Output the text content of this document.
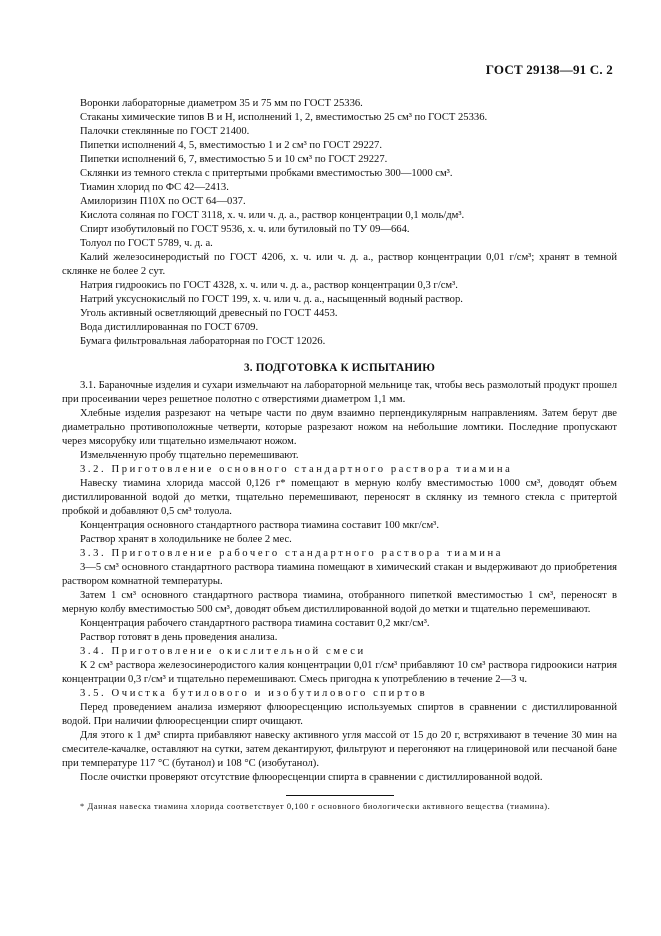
ГОСТ 29138—91 С. 2

Воронки лабораторные диаметром 35 и 75 мм по ГОСТ 25336.

Стаканы химические типов В и Н, исполнений 1, 2, вместимостью 25 см³ по ГОСТ 25336.

Палочки стеклянные по ГОСТ 21400.

Пипетки исполнений 4, 5, вместимостью 1 и 2 см³ по ГОСТ 29227.

Пипетки исполнений 6, 7, вместимостью 5 и 10 см³ по ГОСТ 29227.

Склянки из темного стекла с притертыми пробками вместимостью 300—1000 см³.

Тиамин хлорид по ФС 42—2413.

Амилоризин П10Х по ОСТ 64—037.

Кислота соляная по ГОСТ 3118, х. ч. или ч. д. а., раствор концентрации 0,1 моль/дм³.

Спирт изобутиловый по ГОСТ 9536, х. ч. или бутиловый по ТУ 09—664.

Толуол по ГОСТ 5789, ч. д. а.

Калий железосинеродистый по ГОСТ 4206, х. ч. или ч. д. а., раствор концентрации 0,01 г/см³; хранят в темной склянке не более 2 сут.

Натрия гидроокись по ГОСТ 4328, х. ч. или ч. д. а., раствор концентрации 0,3 г/см³.

Натрий уксуснокислый по ГОСТ 199, х. ч. или ч. д. а., насыщенный водный раствор.

Уголь активный осветляющий древесный по ГОСТ 4453.

Вода дистиллированная по ГОСТ 6709.

Бумага фильтровальная лабораторная по ГОСТ 12026.

3. ПОДГОТОВКА К ИСПЫТАНИЮ

3.1. Бараночные изделия и сухари измельчают на лабораторной мельнице так, чтобы весь размолотый продукт прошел при просеивании через решетное полотно с отверстиями диаметром 1,1 мм.

Хлебные изделия разрезают на четыре части по двум взаимно перпендикулярным направлениям. Затем берут две диаметрально противоположные четверти, которые разрезают ножом на небольшие ломтики. Последние пропускают через мясорубку или тщательно измельчают ножом.

Измельченную пробу тщательно перемешивают.

3.2. Приготовление основного стандартного раствора тиамина

Навеску тиамина хлорида массой 0,126 г* помещают в мерную колбу вместимостью 1000 см³, доводят объем дистиллированной водой до метки, тщательно перемешивают, переносят в склянку из темного стекла с притертой пробкой и добавляют 0,5 см³ толуола.

Концентрация основного стандартного раствора тиамина составит 100 мкг/см³.

Раствор хранят в холодильнике не более 2 мес.

3.3. Приготовление рабочего стандартного раствора тиамина

3—5 см³ основного стандартного раствора тиамина помещают в химический стакан и выдерживают до приобретения раствором комнатной температуры.

Затем 1 см³ основного стандартного раствора тиамина, отобранного пипеткой вместимостью 1 см³, переносят в мерную колбу вместимостью 500 см³, доводят объем дистиллированной водой до метки и тщательно перемешивают.

Концентрация рабочего стандартного раствора тиамина составит 0,2 мкг/см³.

Раствор готовят в день проведения анализа.

3.4. Приготовление окислительной смеси

К 2 см³ раствора железосинеродистого калия концентрации 0,01 г/см³ прибавляют 10 см³ раствора гидроокиси натрия концентрации 0,3 г/см³ и тщательно перемешивают. Смесь пригодна к употреблению в течение 2—3 ч.

3.5. Очистка бутилового и изобутилового спиртов

Перед проведением анализа измеряют флюоресценцию используемых спиртов в сравнении с дистиллированной водой. При наличии флюоресценции спирт очищают.

Для этого к 1 дм³ спирта прибавляют навеску активного угля массой от 15 до 20 г, встряхивают в течение 30 мин на смесителе-качалке, оставляют на сутки, затем декантируют, фильтруют и перегоняют на глицериновой или песчаной бане при температуре 117 °С (бутанол) и 108 °С (изобутанол).

После очистки проверяют отсутствие флюоресценции спирта в сравнении с дистиллированной водой.

* Данная навеска тиамина хлорида соответствует 0,100 г основного биологически активного вещества (тиамина).
